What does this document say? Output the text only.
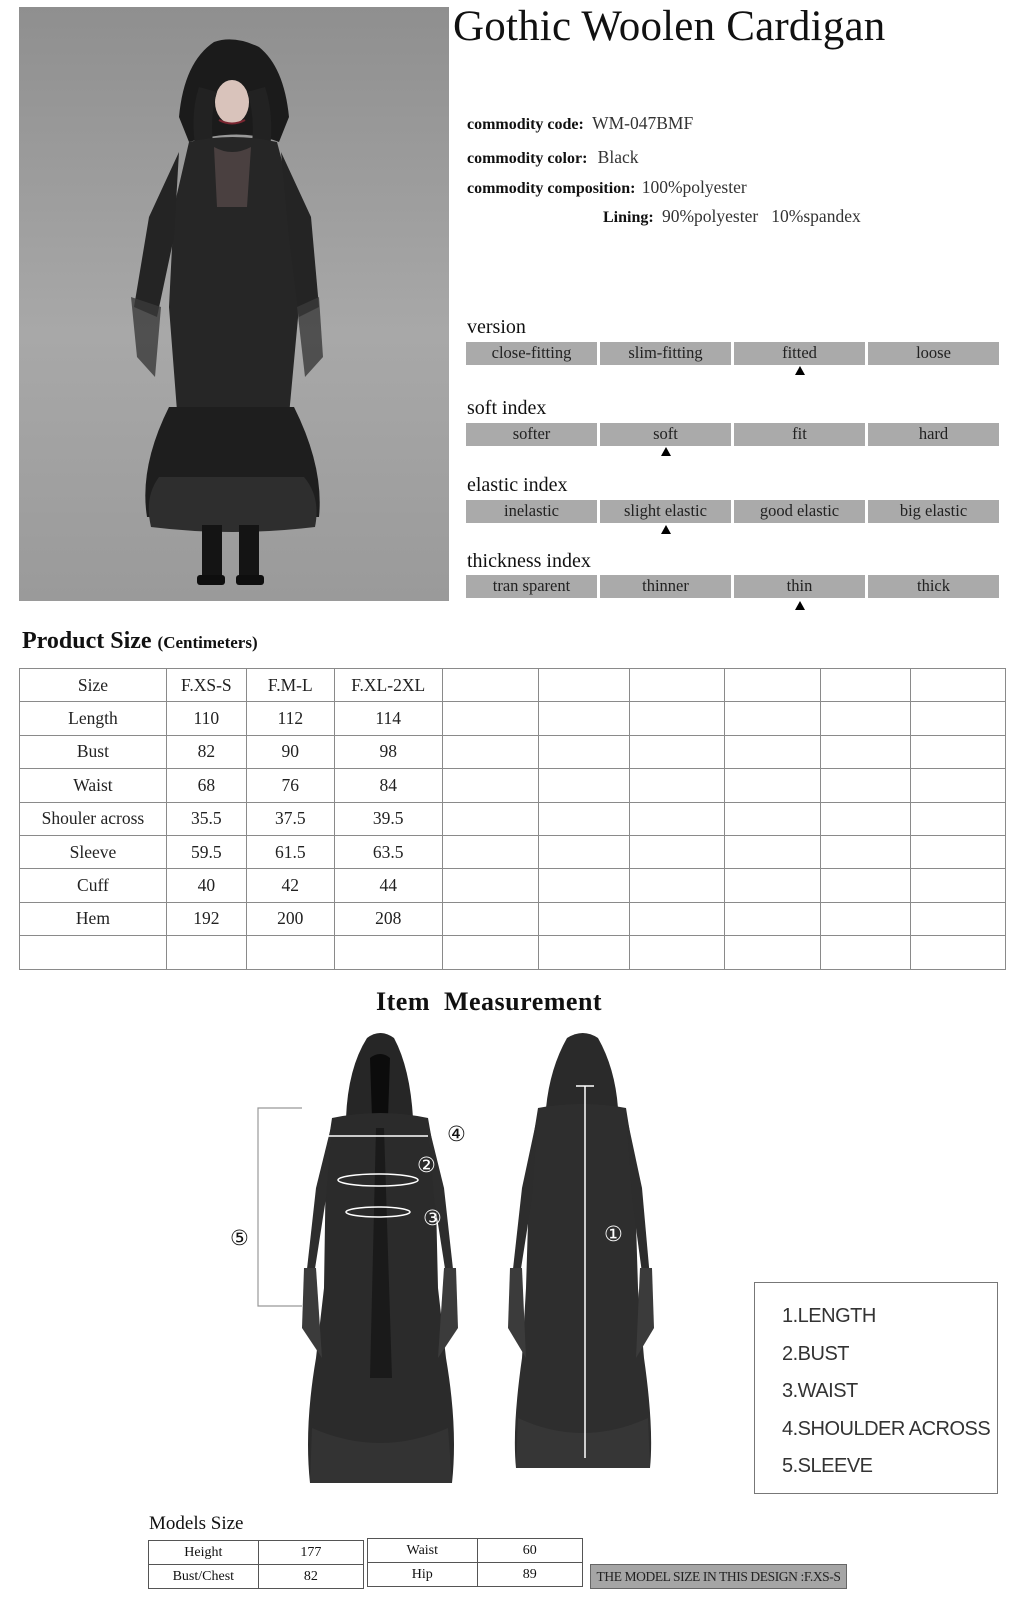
Gothic Woolen Cardigan
commodity code: WM-047BMF
commodity color: Black
commodity composition: 100%polyester
Lining: 90%polyester   10%spandex
version
close-fitting	slim-fitting	fitted	loose
soft index
softer	soft	fit	hard
elastic index
inelastic	slight elastic	good elastic	big elastic
thickness index
tran sparent	thinner	thin	thick
Product Size (Centimeters)
Size	F.XS-S	F.M-L	F.XL-2XL						
Length	110	112	114						
Bust	82	90	98						
Waist	68	76	84						
Shouler across	35.5	37.5	39.5						
Sleeve	59.5	61.5	63.5						
Cuff	40	42	44						
Hem	192	200	208						

Item  Measurement
④
②
③
⑤	①
1.LENGTH
2.BUST
3.WAIST
4.SHOULDER ACROSS
5.SLEEVE
Models Size
Height	177
Bust/Chest	82
Waist	60
Hip	89	THE MODEL SIZE IN THIS DESIGN :F.XS-S
